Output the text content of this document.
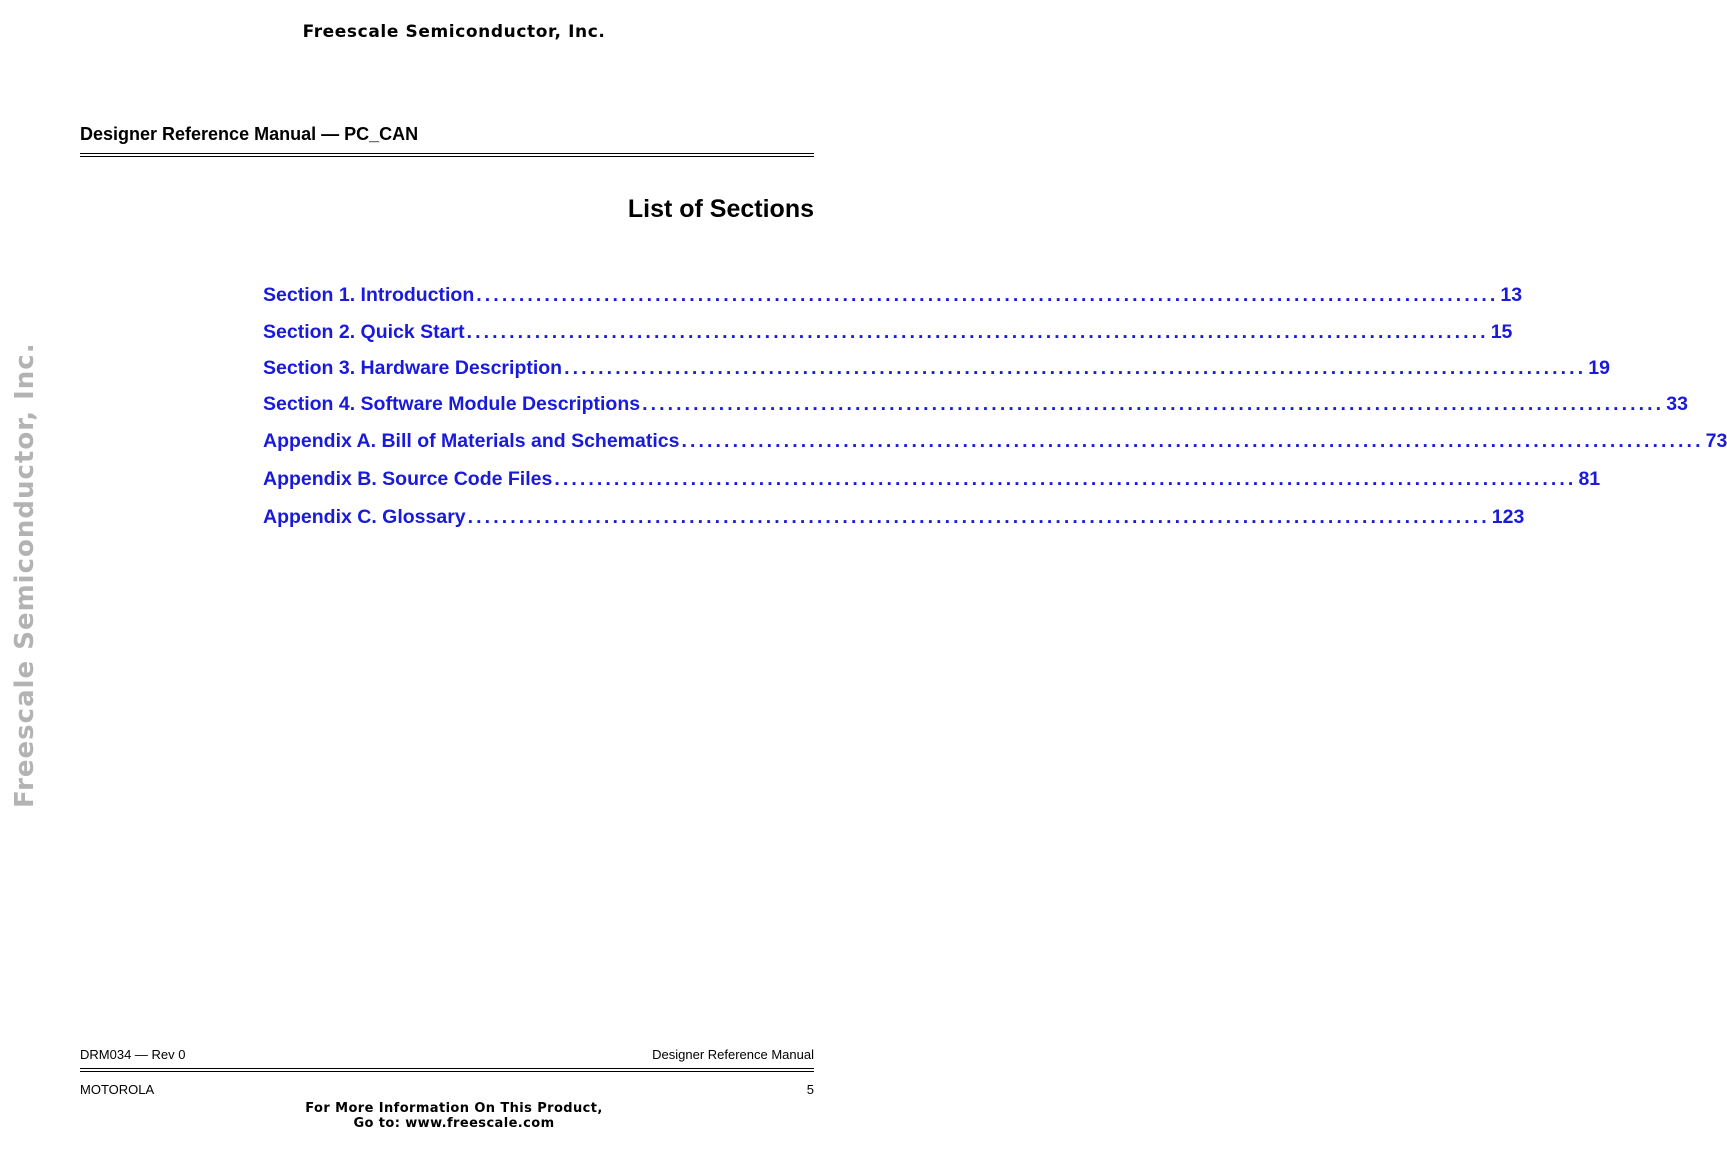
Freescale Semiconductor, Inc.
Freescale Semiconductor, Inc.
Designer Reference Manual — PC_CAN
List of Sections
Section 1. Introduction ........................................................................................................................ 13
Section 2. Quick Start ........................................................................................................................ 15
Section 3. Hardware Description ........................................................................................................................ 19
Section 4. Software Module Descriptions ........................................................................................................................ 33
Appendix A. Bill of Materials and Schematics ........................................................................................................................ 73
Appendix B. Source Code Files ........................................................................................................................ 81
Appendix C. Glossary ........................................................................................................................ 123
DRM034 — Rev 0	Designer Reference Manual
MOTOROLA	5
For More Information On This Product,
Go to: www.freescale.com
